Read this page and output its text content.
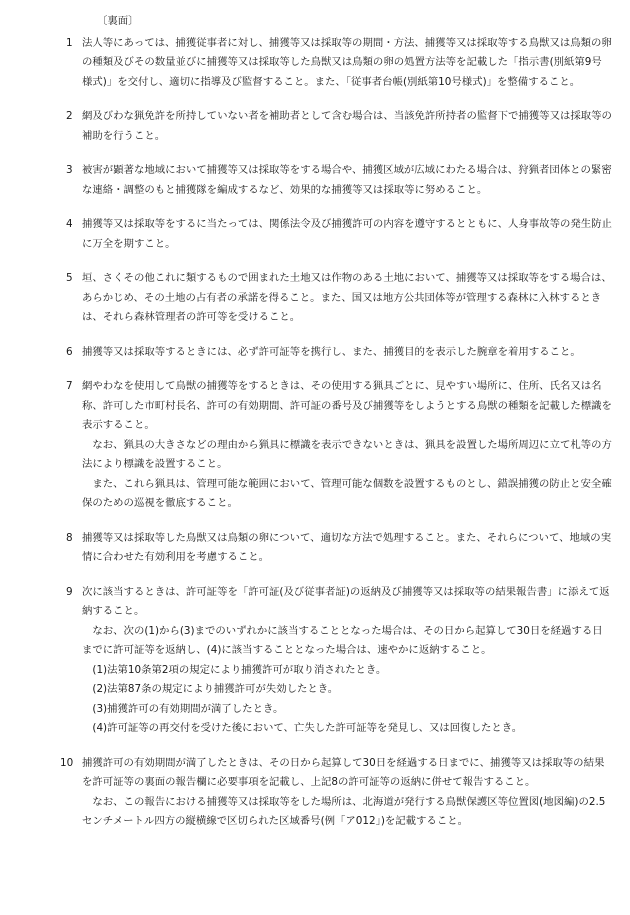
〔裏面〕
1 法人等にあっては、捕獲従事者に対し、捕獲等又は採取等の期間・方法、捕獲等又は採取等する鳥獣又は鳥類の卵の種類及びその数量並びに捕獲等又は採取等した鳥獣又は鳥類の卵の処置方法等を記載した「指示書(別紙第9号様式)」を交付し、適切に指導及び監督すること。また、「従事者台帳(別紙第10号様式)」を整備すること。

2 網及びわな猟免許を所持していない者を補助者として含む場合は、当該免許所持者の監督下で捕獲等又は採取等の補助を行うこと。

3 被害が顕著な地域において捕獲等又は採取等をする場合や、捕獲区域が広域にわたる場合は、狩猟者団体との緊密な連絡・調整のもと捕獲隊を編成するなど、効果的な捕獲等又は採取等に努めること。

4 捕獲等又は採取等をするに当たっては、関係法令及び捕獲許可の内容を遵守するとともに、人身事故等の発生防止に万全を期すこと。

5 垣、さくその他これに類するもので囲まれた土地又は作物のある土地において、捕獲等又は採取等をする場合は、あらかじめ、その土地の占有者の承諾を得ること。また、国又は地方公共団体等が管理する森林に入林するときは、それら森林管理者の許可等を受けること。

6 捕獲等又は採取等するときには、必ず許可証等を携行し、また、捕獲目的を表示した腕章を着用すること。

7 網やわなを使用して鳥獣の捕獲等をするときは、その使用する猟具ごとに、見やすい場所に、住所、氏名又は名称、許可した市町村長名、許可の有効期間、許可証の番号及び捕獲等をしようとする鳥獣の種類を記載した標識を表示すること。

なお、猟具の大きさなどの理由から猟具に標識を表示できないときは、猟具を設置した場所周辺に立て札等の方法により標識を設置すること。

また、これら猟具は、管理可能な範囲において、管理可能な個数を設置するものとし、錯誤捕獲の防止と安全確保のための巡視を徹底すること。

8 捕獲等又は採取等した鳥獣又は鳥類の卵について、適切な方法で処理すること。また、それらについて、地域の実情に合わせた有効利用を考慮すること。

9 次に該当するときは、許可証等を「許可証(及び従事者証)の返納及び捕獲等又は採取等の結果報告書」に添えて返納すること。

なお、次の(1)から(3)までのいずれかに該当することとなった場合は、その日から起算して30日を経過する日までに許可証等を返納し、(4)に該当することとなった場合は、速やかに返納すること。

(1)法第10条第2項の規定により捕獲許可が取り消されたとき。

(2)法第87条の規定により捕獲許可が失効したとき。

(3)捕獲許可の有効期間が満了したとき。

(4)許可証等の再交付を受けた後において、亡失した許可証等を発見し、又は回復したとき。

10 捕獲許可の有効期間が満了したときは、その日から起算して30日を経過する日までに、捕獲等又は採取等の結果を許可証等の裏面の報告欄に必要事項を記載し、上記8の許可証等の返納に併せて報告すること。

なお、この報告における捕獲等又は採取等をした場所は、北海道が発行する鳥獣保護区等位置図(地図編)の2.5センチメートル四方の縦横線で区切られた区域番号(例「ア012」)を記載すること。
